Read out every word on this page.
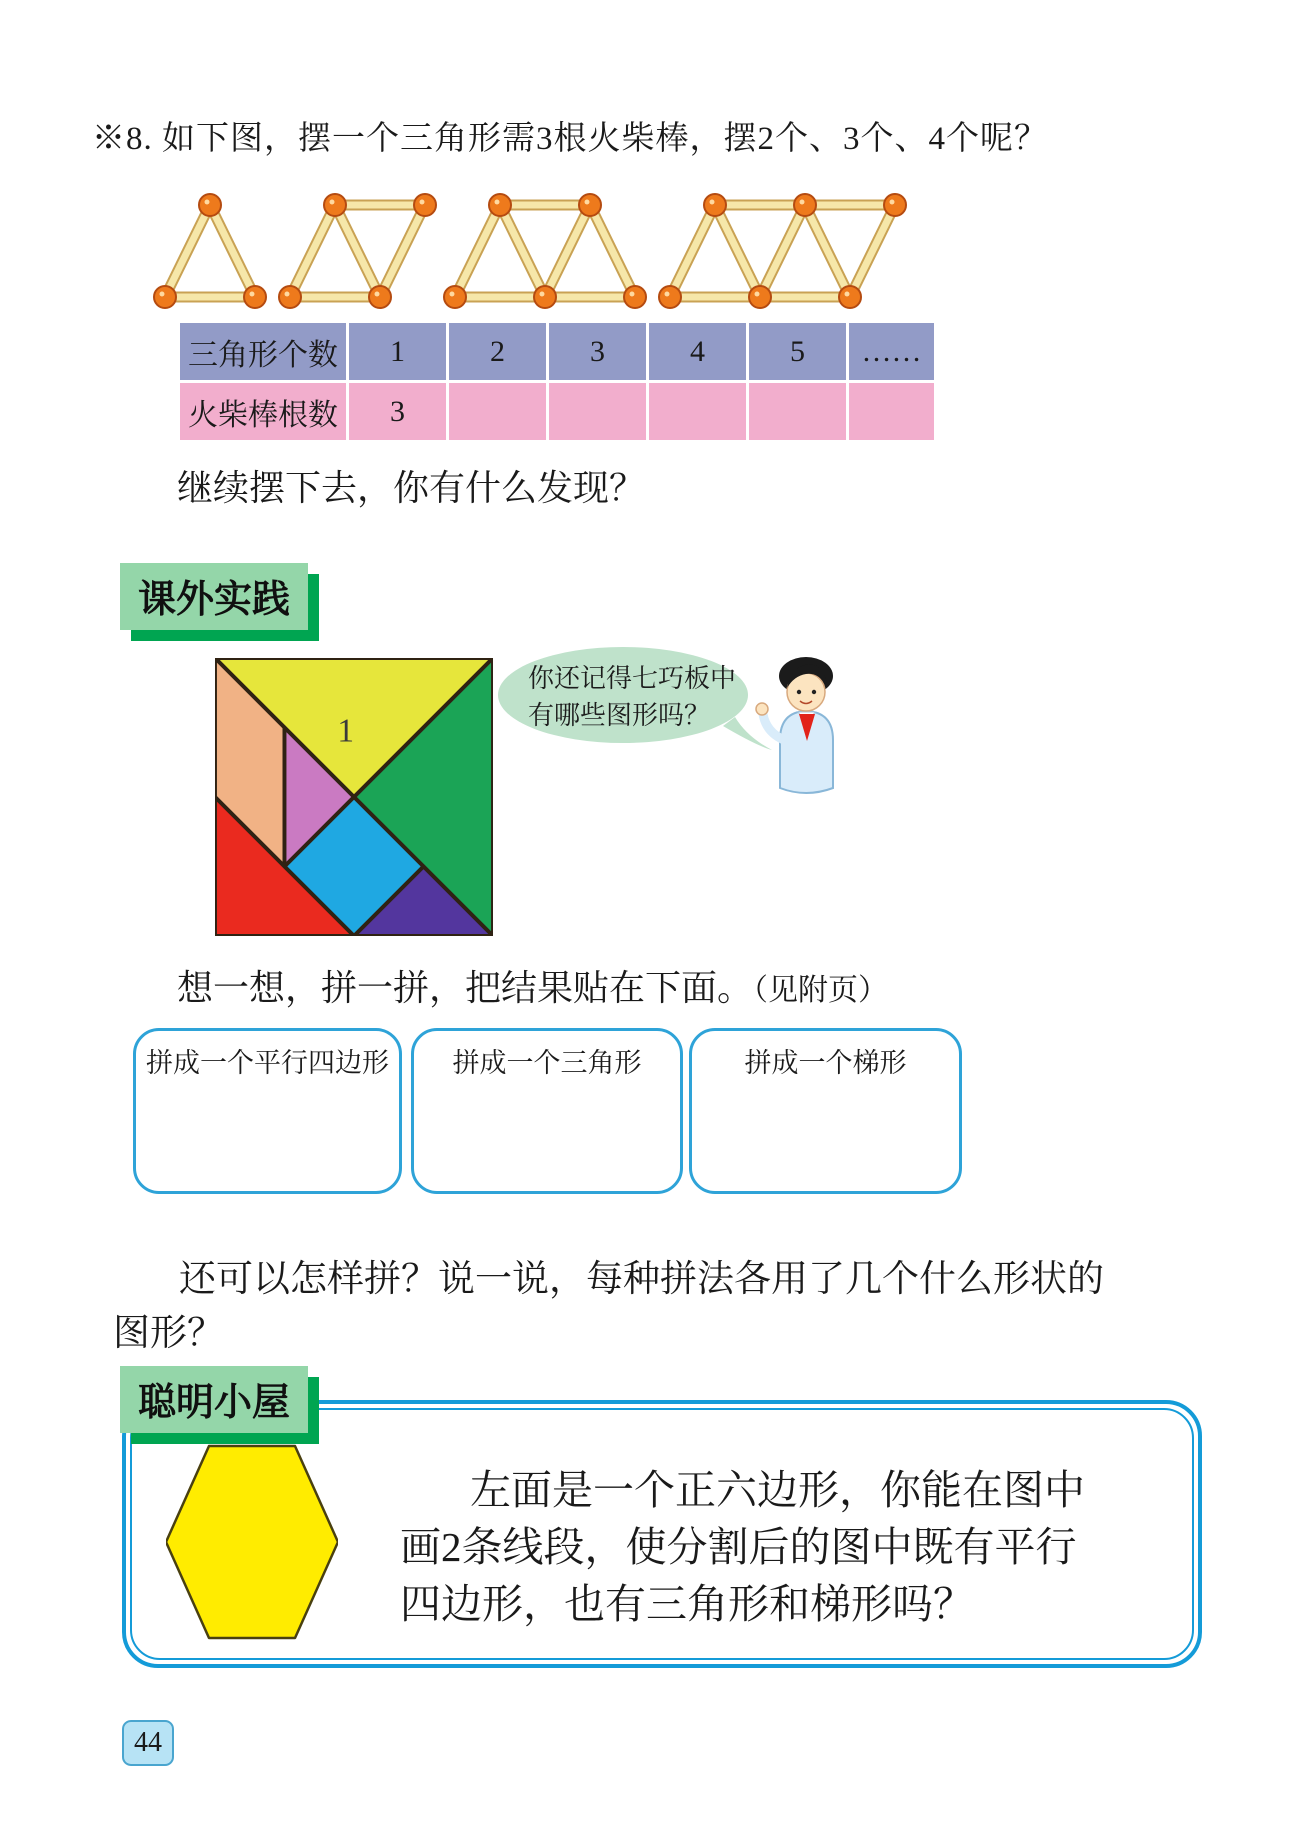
※8. 如下图，摆一个三角形需3根火柴棒，摆2个、3个、4个呢？
三角形个数	1	2	3	4	5	……
火柴棒根数	3					
继续摆下去，你有什么发现？
课外实践
1
你还记得七巧板中
有哪些图形吗？
想一想，拼一拼，把结果贴在下面。（见附页）
拼成一个平行四边形	拼成一个三角形	拼成一个梯形
还可以怎样拼？说一说，每种拼法各用了几个什么形状的
图形？
聪明小屋
左面是一个正六边形，你能在图中
画2条线段，使分割后的图中既有平行
四边形，也有三角形和梯形吗？
44
